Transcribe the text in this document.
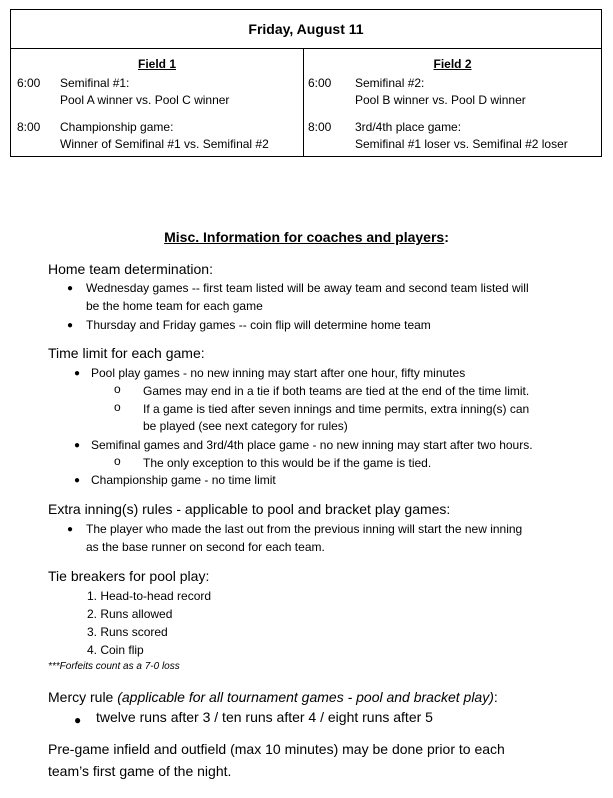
Friday, August 11
Field 1
6:00 Semifinal #1:
Pool A winner vs. Pool C winner
8:00 Championship game:
Winner of Semifinal #1 vs. Semifinal #2
Field 2
6:00 Semifinal #2:
Pool B winner vs. Pool D winner
8:00 3rd/4th place game:
Semifinal #1 loser vs. Semifinal #2 loser
Misc. Information for coaches and players:
Home team determination:
● Wednesday games -- first team listed will be away team and second team listed will
be the home team for each game
● Thursday and Friday games -- coin flip will determine home team
Time limit for each game:
● Pool play games - no new inning may start after one hour, fifty minutes
o Games may end in a tie if both teams are tied at the end of the time limit.
o If a game is tied after seven innings and time permits, extra inning(s) can
be played (see next category for rules)
● Semifinal games and 3rd/4th place game - no new inning may start after two hours.
o The only exception to this would be if the game is tied.
● Championship game - no time limit
Extra inning(s) rules - applicable to pool and bracket play games:
● The player who made the last out from the previous inning will start the new inning
as the base runner on second for each team.
Tie breakers for pool play:
1. Head-to-head record
2. Runs allowed
3. Runs scored
4. Coin flip
***Forfeits count as a 7-0 loss
Mercy rule (applicable for all tournament games - pool and bracket play):
● twelve runs after 3 / ten runs after 4 / eight runs after 5
Pre-game infield and outfield (max 10 minutes) may be done prior to each
team’s first game of the night.
